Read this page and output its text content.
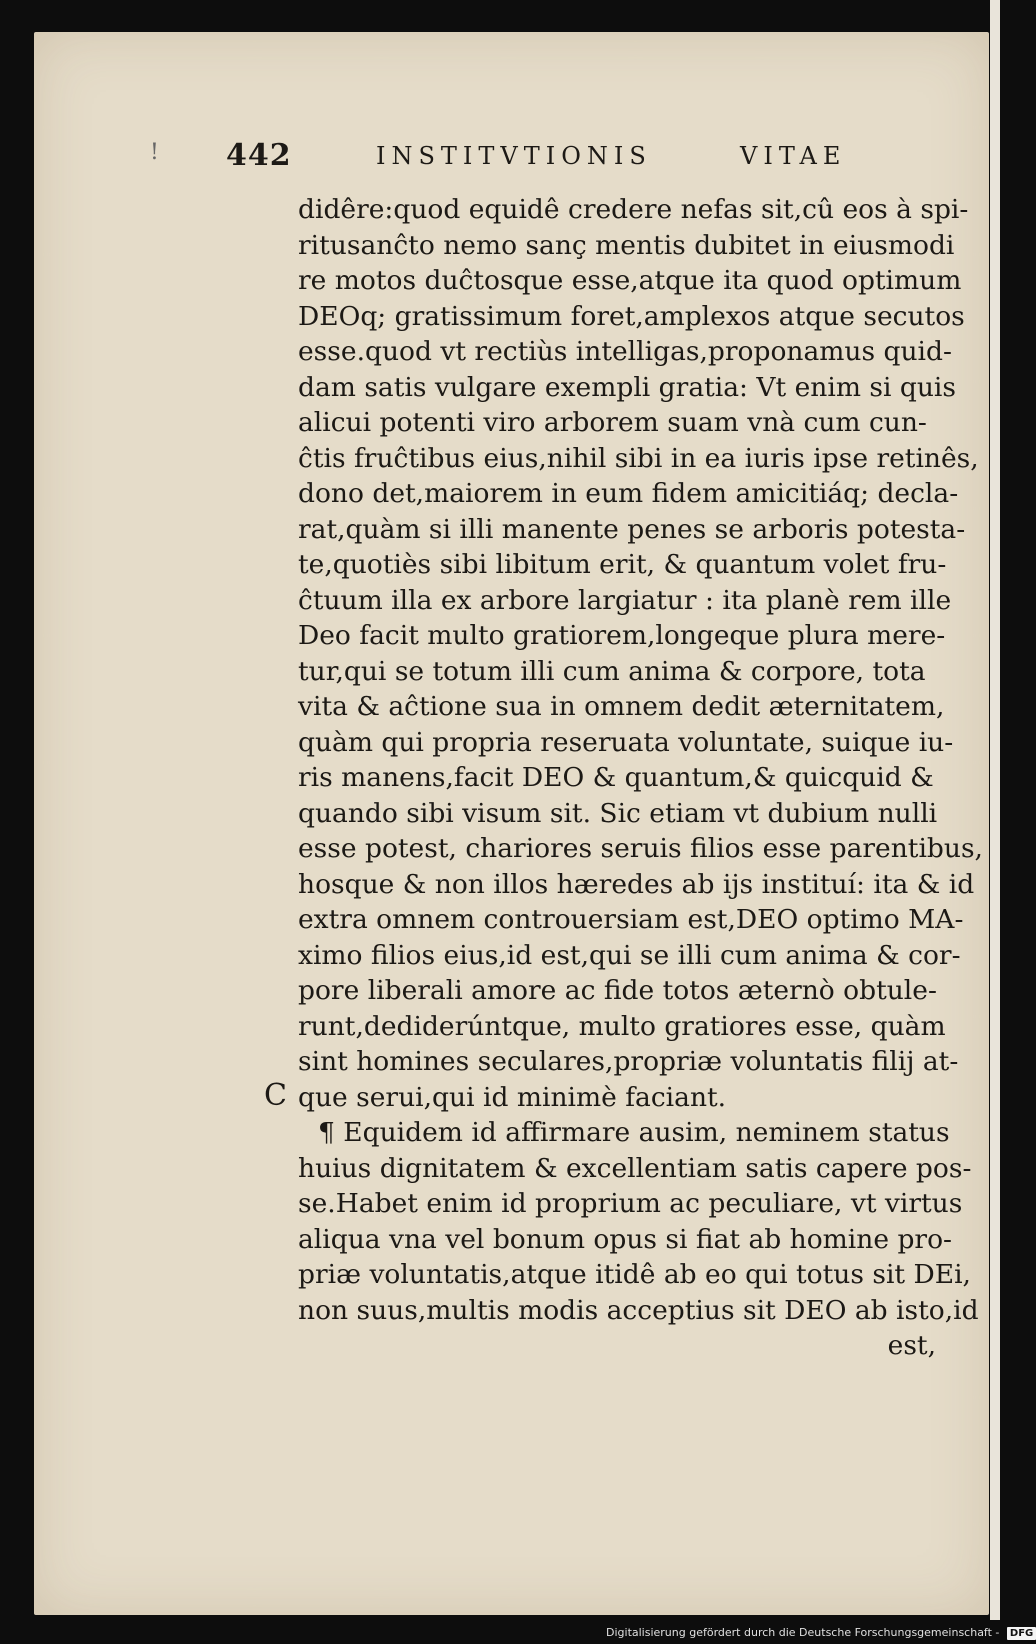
! 442	INSTITVTIONIS	VITAE
C
didêre:quod equidê credere nefas sit,cû eos à spi-
ritusanĉto nemo sanç mentis dubitet in eiusmodi
re motos duĉtosque esse,atque ita quod optimum
DEOq; gratissimum foret,amplexos atque secutos
esse.quod vt rectiùs intelligas,proponamus quid-
dam satis vulgare exempli gratia: Vt enim si quis
alicui potenti viro arborem suam vnà cum cun-
ĉtis fruĉtibus eius,nihil sibi in ea iuris ipse retinês,
dono det,maiorem in eum fidem amicitiáq; decla-
rat,quàm si illi manente penes se arboris potesta-
te,quotiès sibi libitum erit, & quantum volet fru-
ĉtuum illa ex arbore largiatur : ita planè rem ille
Deo facit multo gratiorem,longeque plura mere-
tur,qui se totum illi cum anima & corpore, tota
vita & aĉtione sua in omnem dedit æternitatem,
quàm qui propria reseruata voluntate, suique iu-
ris manens,facit DEO & quantum,& quicquid &
quando sibi visum sit. Sic etiam vt dubium nulli
esse potest, chariores seruis filios esse parentibus,
hosque & non illos hæredes ab ijs instituí: ita & id
extra omnem controuersiam est,DEO optimo MA-
ximo filios eius,id est,qui se illi cum anima & cor-
pore liberali amore ac fide totos æternò obtule-
runt,dediderúntque, multo gratiores esse, quàm
sint homines seculares,propriæ voluntatis filij at-
que serui,qui id minimè faciant.
¶ Equidem id affirmare ausim, neminem status
huius dignitatem & excellentiam satis capere pos-
se.Habet enim id proprium ac peculiare, vt virtus
aliqua vna vel bonum opus si fiat ab homine pro-
priæ voluntatis,atque itidê ab eo qui totus sit DEi,
non suus,multis modis acceptius sit DEO ab isto,id
est,
Digitalisierung gefördert durch die Deutsche Forschungsgemeinschaft - DFG
